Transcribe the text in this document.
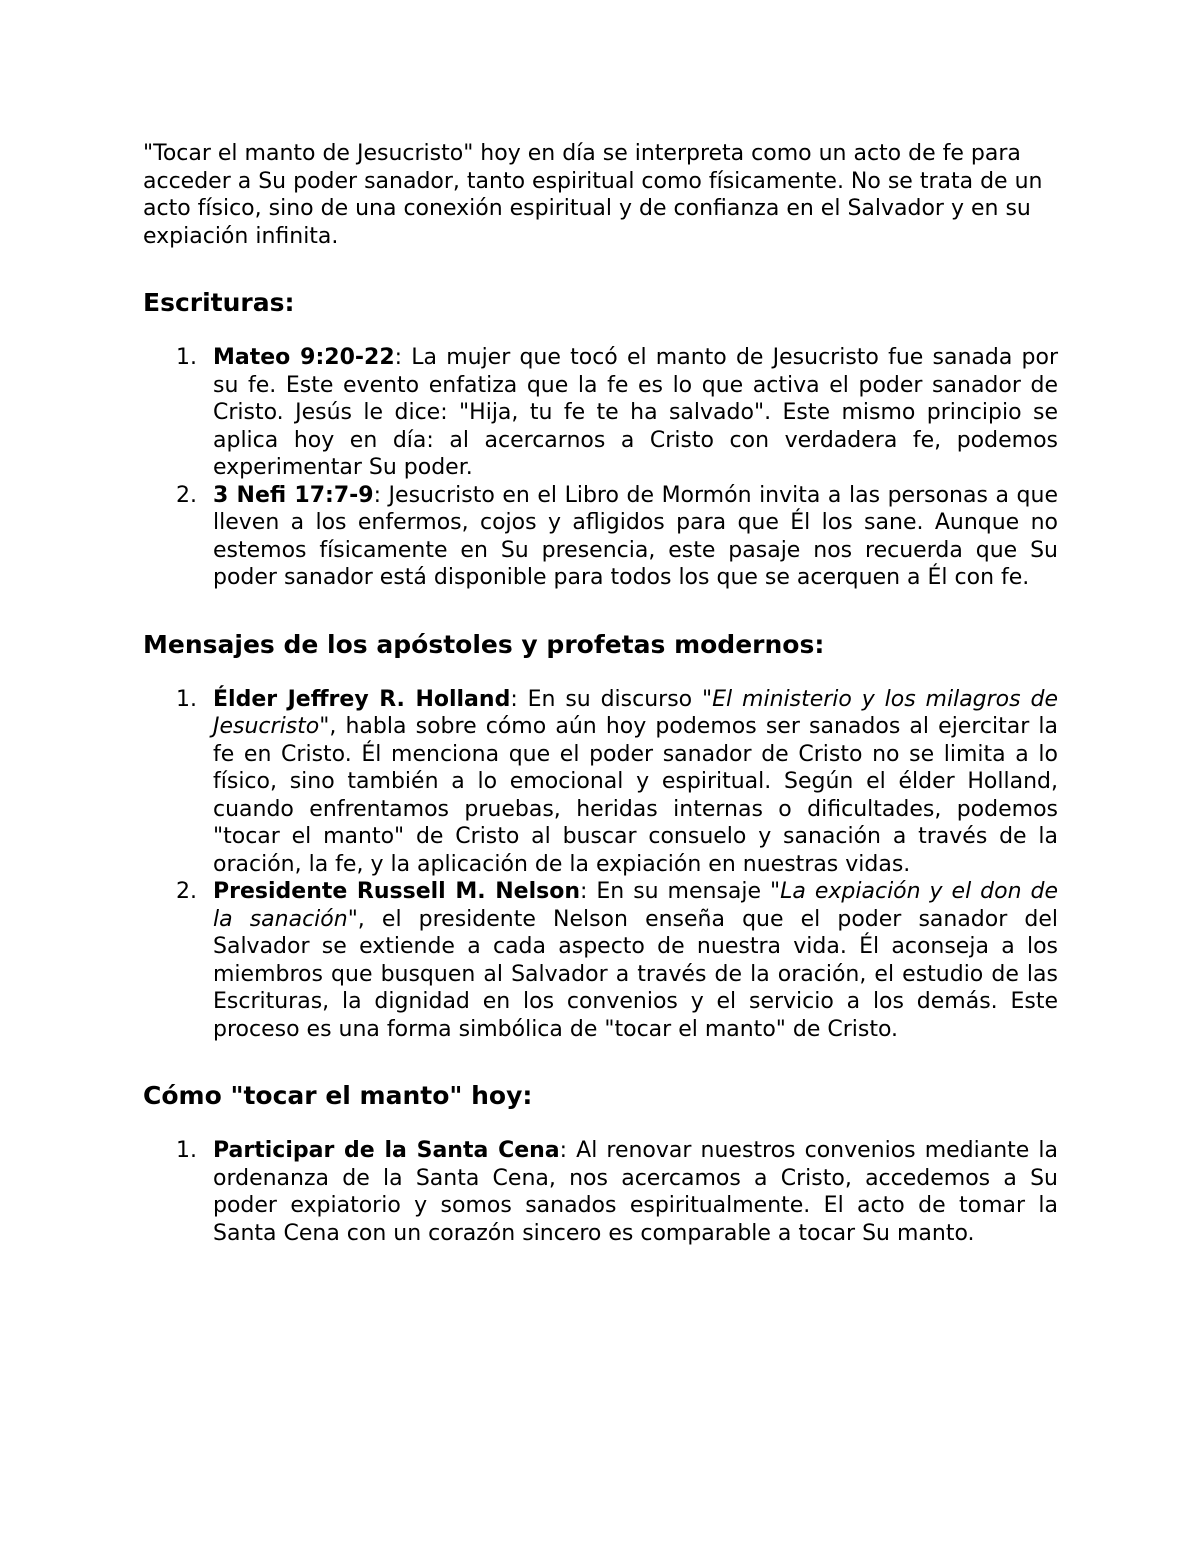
"Tocar el manto de Jesucristo" hoy en día se interpreta como un acto de fe para acceder a Su poder sanador, tanto espiritual como físicamente. No se trata de un acto físico, sino de una conexión espiritual y de confianza en el Salvador y en su expiación infinita.

Escrituras:
1. Mateo 9:20-22: La mujer que tocó el manto de Jesucristo fue sanada por su fe. Este evento enfatiza que la fe es lo que activa el poder sanador de Cristo. Jesús le dice: "Hija, tu fe te ha salvado". Este mismo principio se aplica hoy en día: al acercarnos a Cristo con verdadera fe, podemos experimentar Su poder.
2. 3 Nefi 17:7-9: Jesucristo en el Libro de Mormón invita a las personas a que lleven a los enfermos, cojos y afligidos para que Él los sane. Aunque no estemos físicamente en Su presencia, este pasaje nos recuerda que Su poder sanador está disponible para todos los que se acerquen a Él con fe.
Mensajes de los apóstoles y profetas modernos:
1. Élder Jeffrey R. Holland: En su discurso "El ministerio y los milagros de Jesucristo", habla sobre cómo aún hoy podemos ser sanados al ejercitar la fe en Cristo. Él menciona que el poder sanador de Cristo no se limita a lo físico, sino también a lo emocional y espiritual. Según el élder Holland, cuando enfrentamos pruebas, heridas internas o dificultades, podemos "tocar el manto" de Cristo al buscar consuelo y sanación a través de la oración, la fe, y la aplicación de la expiación en nuestras vidas.
2. Presidente Russell M. Nelson: En su mensaje "La expiación y el don de la sanación", el presidente Nelson enseña que el poder sanador del Salvador se extiende a cada aspecto de nuestra vida. Él aconseja a los miembros que busquen al Salvador a través de la oración, el estudio de las Escrituras, la dignidad en los convenios y el servicio a los demás. Este proceso es una forma simbólica de "tocar el manto" de Cristo.
Cómo "tocar el manto" hoy:
1. Participar de la Santa Cena: Al renovar nuestros convenios mediante la ordenanza de la Santa Cena, nos acercamos a Cristo, accedemos a Su poder expiatorio y somos sanados espiritualmente. El acto de tomar la Santa Cena con un corazón sincero es comparable a tocar Su manto.
